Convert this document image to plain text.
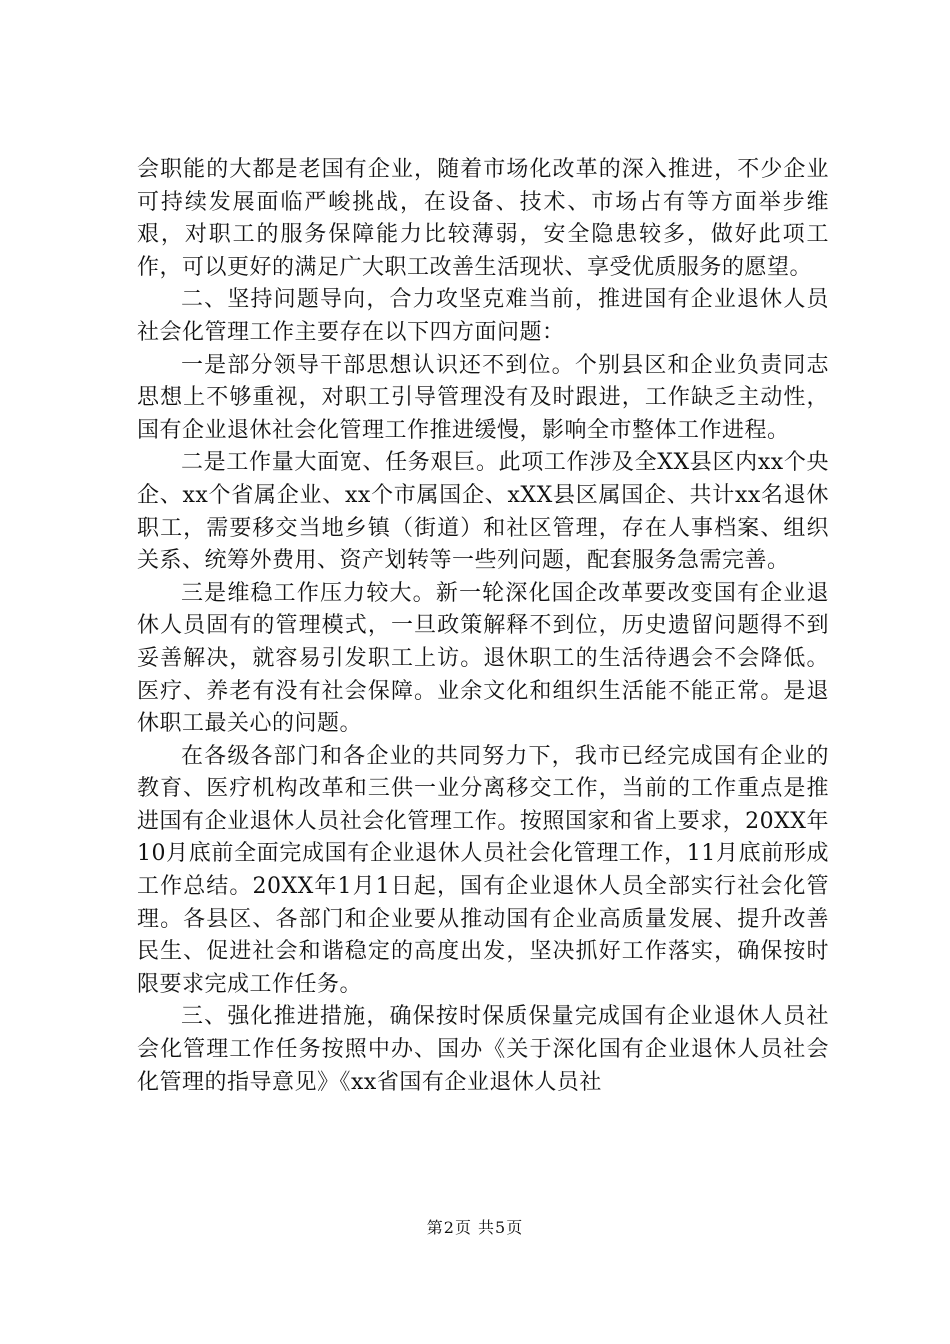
会职能的大都是老国有企业，随着市场化改革的深入推进，不少企业可持续发展面临严峻挑战，在设备、技术、市场占有等方面举步维艰，对职工的服务保障能力比较薄弱，安全隐患较多，做好此项工作，可以更好的满足广大职工改善生活现状、享受优质服务的愿望。

二、坚持问题导向，合力攻坚克难当前，推进国有企业退休人员社会化管理工作主要存在以下四方面问题：

一是部分领导干部思想认识还不到位。个别县区和企业负责同志思想上不够重视，对职工引导管理没有及时跟进，工作缺乏主动性，国有企业退休社会化管理工作推进缓慢，影响全市整体工作进程。

二是工作量大面宽、任务艰巨。此项工作涉及全XX县区内xx个央企、xx个省属企业、xx个市属国企、xXX县区属国企、共计xx名退休职工，需要移交当地乡镇（街道）和社区管理，存在人事档案、组织关系、统筹外费用、资产划转等一些列问题，配套服务急需完善。

三是维稳工作压力较大。新一轮深化国企改革要改变国有企业退休人员固有的管理模式，一旦政策解释不到位，历史遗留问题得不到妥善解决，就容易引发职工上访。退休职工的生活待遇会不会降低。医疗、养老有没有社会保障。业余文化和组织生活能不能正常。是退休职工最关心的问题。

在各级各部门和各企业的共同努力下，我市已经完成国有企业的教育、医疗机构改革和三供一业分离移交工作，当前的工作重点是推进国有企业退休人员社会化管理工作。按照国家和省上要求，20XX年10月底前全面完成国有企业退休人员社会化管理工作，11月底前形成工作总结。20XX年1月1日起，国有企业退休人员全部实行社会化管理。各县区、各部门和企业要从推动国有企业高质量发展、提升改善民生、促进社会和谐稳定的高度出发，坚决抓好工作落实，确保按时限要求完成工作任务。

三、强化推进措施，确保按时保质保量完成国有企业退休人员社会化管理工作任务按照中办、国办《关于深化国有企业退休人员社会化管理的指导意见》《xx省国有企业退休人员社

第2页 共5页
